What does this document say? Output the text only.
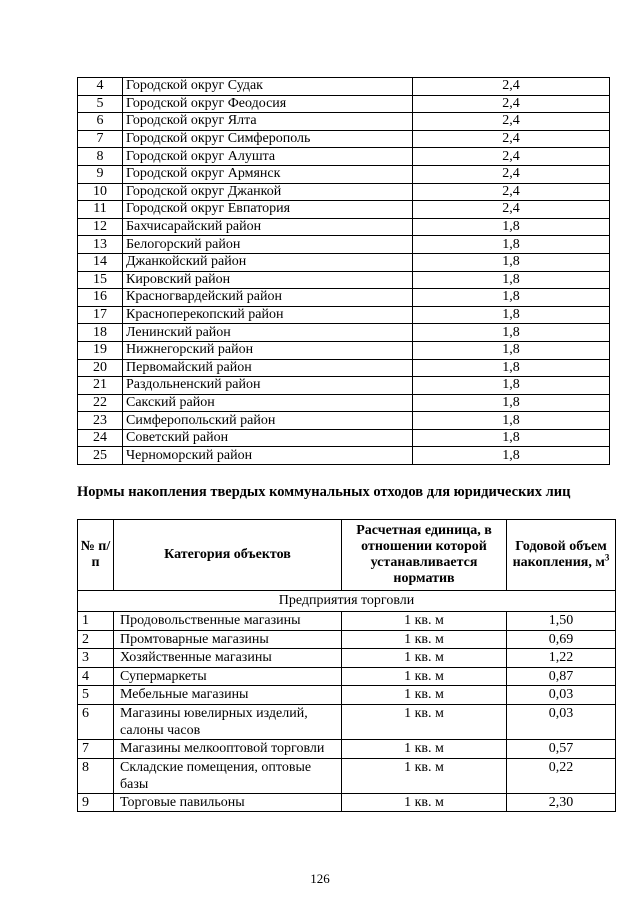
4	Городской округ Судак	2,4
5	Городской округ Феодосия	2,4
6	Городской округ Ялта	2,4
7	Городской округ Симферополь	2,4
8	Городской округ Алушта	2,4
9	Городской округ Армянск	2,4
10	Городской округ Джанкой	2,4
11	Городской округ Евпатория	2,4
12	Бахчисарайский район	1,8
13	Белогорский район	1,8
14	Джанкойский район	1,8
15	Кировский район	1,8
16	Красногвардейский район	1,8
17	Красноперекопский район	1,8
18	Ленинский район	1,8
19	Нижнегорский район	1,8
20	Первомайский район	1,8
21	Раздольненский район	1,8
22	Сакский район	1,8
23	Симферопольский район	1,8
24	Советский район	1,8
25	Черноморский район	1,8
Нормы накопления твердых коммунальных отходов для юридических лиц
№ п/п	Категория объектов	Расчетная единица, в отношении которой устанавливается норматив	Годовой объем накопления, $м^3$
Предприятия торговли			
1	Продовольственные магазины	1 кв. м	1,50
2	Промтоварные магазины	1 кв. м	0,69
3	Хозяйственные магазины	1 кв. м	1,22
4	Супермаркеты	1 кв. м	0,87
5	Мебельные магазины	1 кв. м	0,03
6	Магазины ювелирных изделий, салоны часов	1 кв. м	0,03
7	Магазины мелкооптовой торговли	1 кв. м	0,57
8	Складские помещения, оптовые базы	1 кв. м	0,22
9	Торговые павильоны	1 кв. м	2,30
126
